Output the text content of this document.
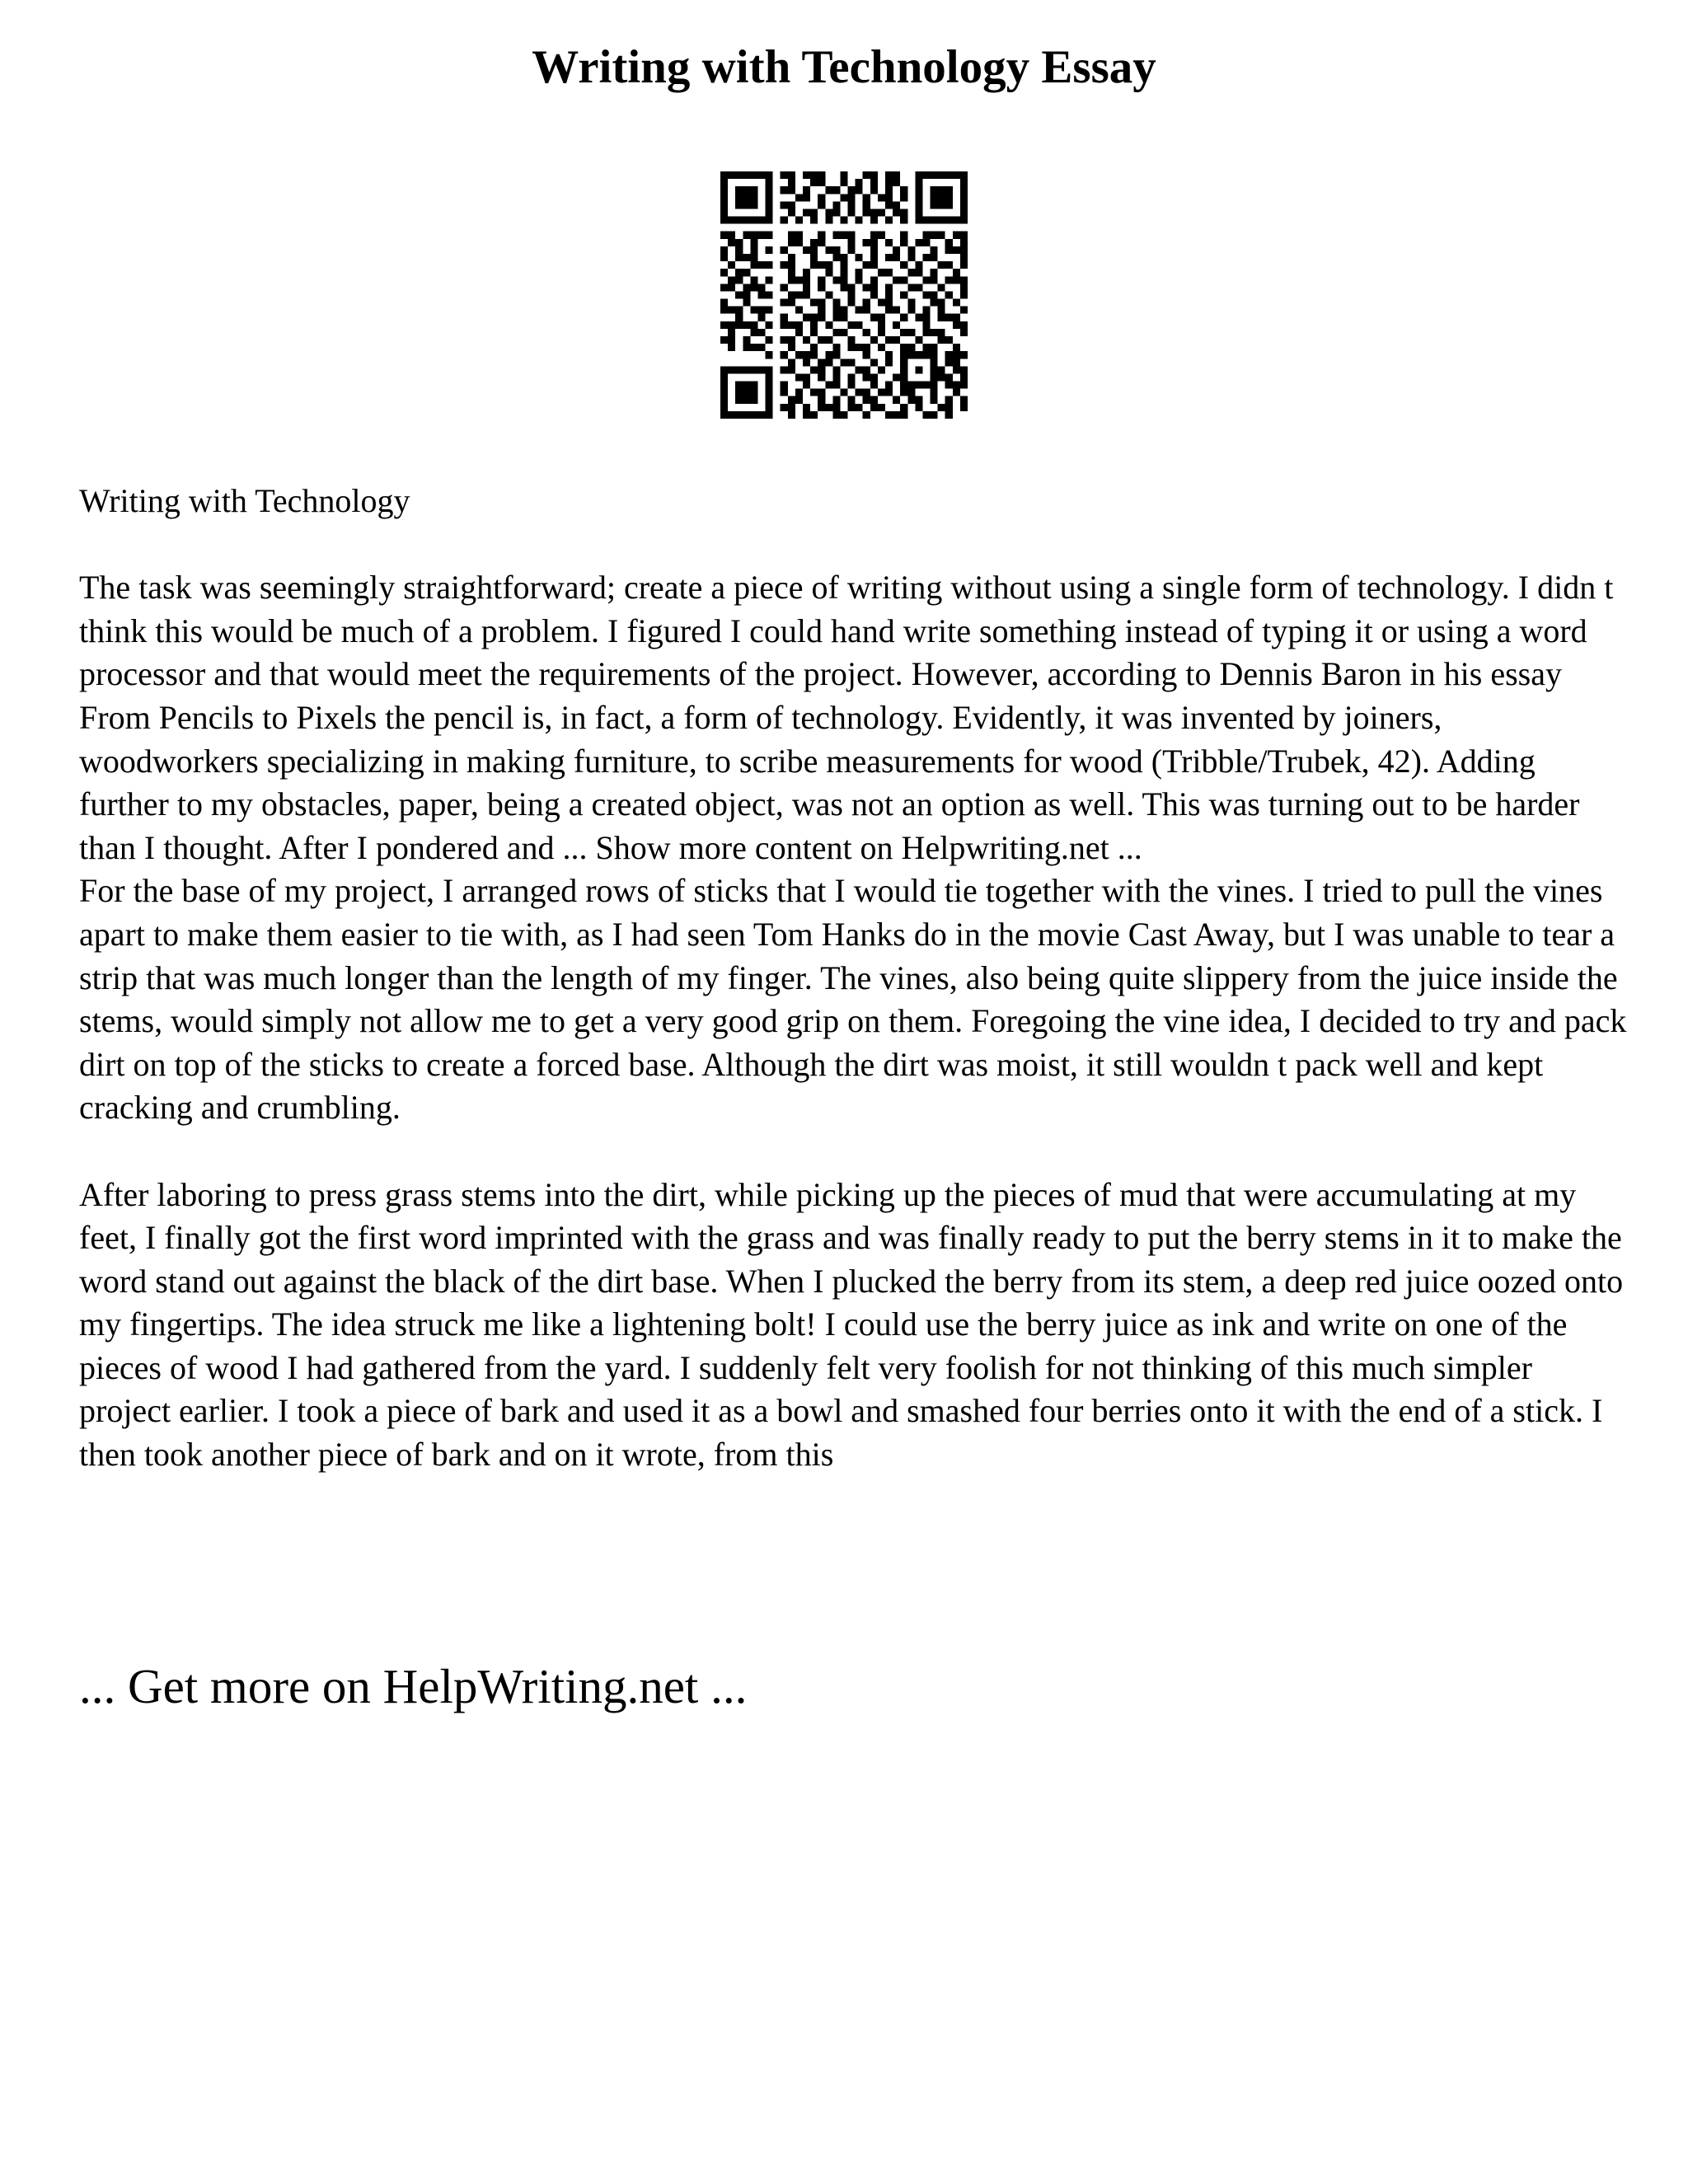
Writing with Technology Essay

Writing with Technology

The task was seemingly straightforward; create a piece of writing without using a single form of technology. I didn t think this would be much of a problem. I figured I could hand write something instead of typing it or using a word processor and that would meet the requirements of the project. However, according to Dennis Baron in his essay From Pencils to Pixels the pencil is, in fact, a form of technology. Evidently, it was invented by joiners, woodworkers specializing in making furniture, to scribe measurements for wood (Tribble/Trubek, 42). Adding further to my obstacles, paper, being a created object, was not an option as well. This was turning out to be harder than I thought. After I pondered and ... Show more content on Helpwriting.net ...

For the base of my project, I arranged rows of sticks that I would tie together with the vines. I tried to pull the vines apart to make them easier to tie with, as I had seen Tom Hanks do in the movie Cast Away, but I was unable to tear a strip that was much longer than the length of my finger. The vines, also being quite slippery from the juice inside the stems, would simply not allow me to get a very good grip on them. Foregoing the vine idea, I decided to try and pack dirt on top of the sticks to create a forced base. Although the dirt was moist, it still wouldn t pack well and kept cracking and crumbling.

After laboring to press grass stems into the dirt, while picking up the pieces of mud that were accumulating at my feet, I finally got the first word imprinted with the grass and was finally ready to put the berry stems in it to make the word stand out against the black of the dirt base. When I plucked the berry from its stem, a deep red juice oozed onto my fingertips. The idea struck me like a lightening bolt! I could use the berry juice as ink and write on one of the pieces of wood I had gathered from the yard. I suddenly felt very foolish for not thinking of this much simpler project earlier. I took a piece of bark and used it as a bowl and smashed four berries onto it with the end of a stick. I then took another piece of bark and on it wrote, from this

... Get more on HelpWriting.net ...
